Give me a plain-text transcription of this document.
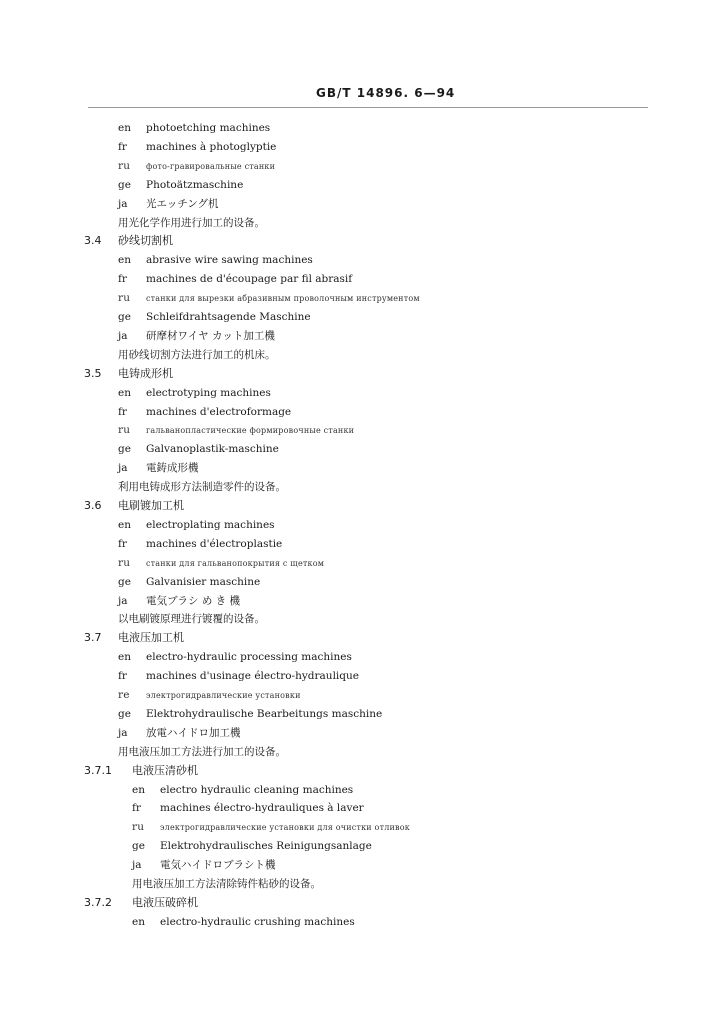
GB/T 14896. 6—94
en photoetching machines
fr machines à photoglyptie
ru фото-гравировальные станки
ge Photoätzmaschine
ja 光エッチング机
用光化学作用进行加工的设备。
3.4 砂线切割机
en abrasive wire sawing machines
fr machines de d'écoupage par fil abrasif
ru станки для вырезки абразивным проволочным инструментом
ge Schleifdrahtsagende Maschine
ja 研摩材ワイヤ カット加工機
用砂线切割方法进行加工的机床。
3.5 电铸成形机
en electrotyping machines
fr machines d'electroformage
ru гальванопластические формировочные станки
ge Galvanoplastik-maschine
ja 電鋳成形機
利用电铸成形方法制造零件的设备。
3.6 电刷镀加工机
en electroplating machines
fr machines d'électroplastie
ru станки для гальванопокрытия с щетком
ge Galvanisier maschine
ja 電気ブラシ め き 機
以电刷镀原理进行镀覆的设备。
3.7 电液压加工机
en electro-hydraulic processing machines
fr machines d'usinage électro-hydraulique
re электрогидравлические установки
ge Elektrohydraulische Bearbeitungs maschine
ja 放電ハイドロ加工機
用电液压加工方法进行加工的设备。
3.7.1 电液压清砂机
en electro hydraulic cleaning machines
fr machines électro-hydrauliques à laver
ru электрогидравлические установки для очистки отливок
ge Elektrohydraulisches Reinigungsanlage
ja 電気ハイドロブラシト機
用电液压加工方法清除铸件粘砂的设备。
3.7.2 电液压破碎机
en electro-hydraulic crushing machines
